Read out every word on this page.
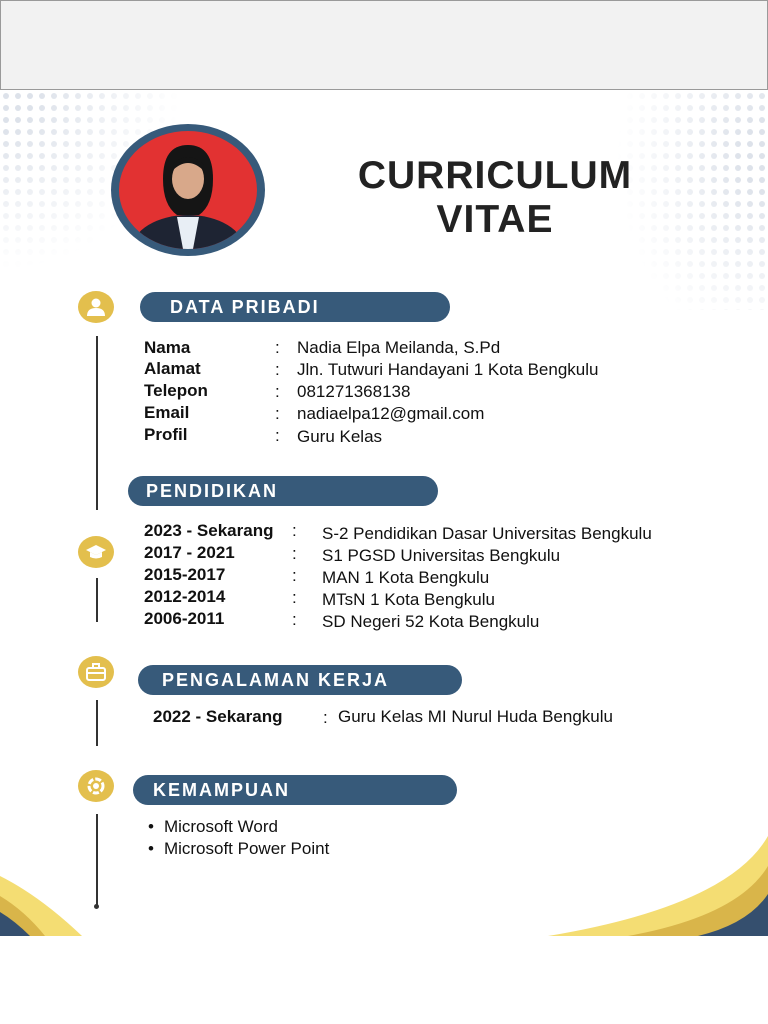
CURRICULUM
VITAE
DATA PRIBADI
Nama	: Nadia Elpa Meilanda, S.Pd
Alamat	: Jln. Tutwuri Handayani 1 Kota Bengkulu
Telepon	: 081271368138
Email	: nadiaelpa12@gmail.com
Profil	: Guru Kelas
PENDIDIKAN
2023 - Sekarang : S-2 Pendidikan Dasar Universitas Bengkulu
2017 - 2021	: S1 PGSD Universitas Bengkulu
2015-2017	: MAN 1 Kota Bengkulu
2012-2014	: MTsN 1 Kota Bengkulu
2006-2011	: SD Negeri 52 Kota Bengkulu
PENGALAMAN KERJA
2022 - Sekarang : Guru Kelas MI Nurul Huda Bengkulu
KEMAMPUAN
• Microsoft Word
• Microsoft Power Point
